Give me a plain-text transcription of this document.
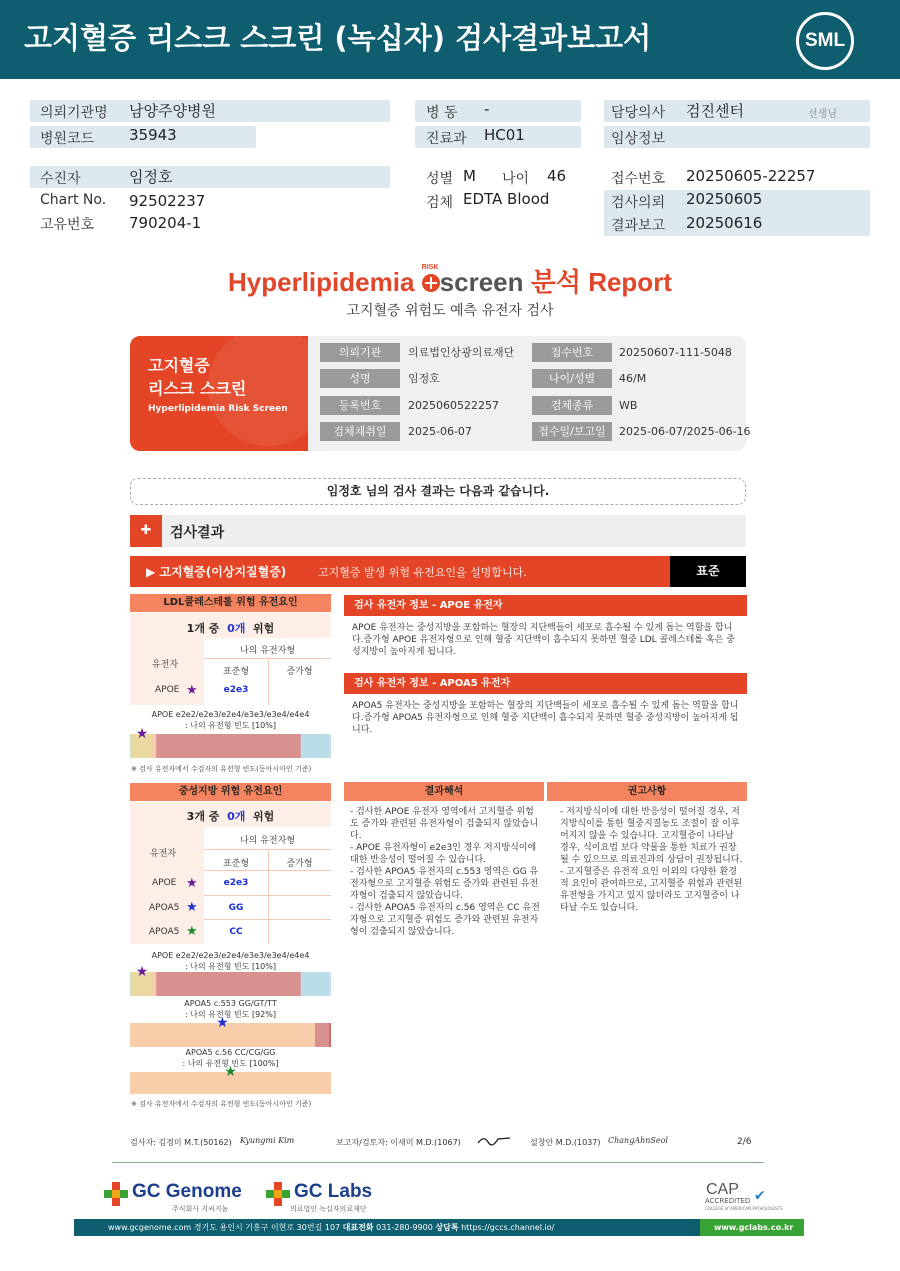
고지혈증 리스크 스크린 (녹십자) 검사결과보고서	SML
의뢰기관명 남양주양병원
병원코드 35943
병 동 -
진료과 HC01
담당의사 검진센터	선생님
임상정보
수진자	임정호
Chart No. 92502237
고유번호 790204-1
성별 M 나이 46
검체 EDTA Blood
접수번호 20250605-22257
검사의뢰 20250605
결과보고 20250616
Hyperlipidemia RISK screen 분석 Report
고지혈증 위험도 예측 유전자 검사
고지혈증
리스크 스크린
Hyperlipidemia Risk Screen
의뢰기관	의료법인상광의료재단	접수번호	20250607-111-5048
성명	임정호	나이/성별	46/M
등록번호	2025060522257	검체종류	WB
검체채취일	2025-06-07	접수일/보고일	2025-06-07/2025-06-16
임정호 님의 검사 결과는 다음과 같습니다.
✚	검사결과
▶ 고지혈증(이상지질혈증)	고지혈증 발생 위험 유전요인을 설명합니다.	표준
LDL콜레스테롤 위험 유전요인
1개 중 0개 위험
나의 유전자형
유전자
표준형	증가형
APOE ★	e2e3
APOE e2e2/e2e3/e2e4/e3e3/e3e4/e4e4
: 나의 유전형 빈도 [10%]
★
※ 검사 유전자에서 수검자의 유전형 빈도(동아시아인 기준)
중성지방 위험 유전요인
3개 중 0개 위험
나의 유전자형
유전자
표준형	증가형
APOE ★	e2e3
APOA5 ★	GG
APOA5 ★	CC
APOE e2e2/e2e3/e2e4/e3e3/e3e4/e4e4
: 나의 유전형 빈도 [10%]
★
APOA5 c.553 GG/GT/TT
: 나의 유전형 빈도 [92%]
★
APOA5 c.56 CC/CG/GG
: 나의 유전형 빈도 [100%]
★
※ 검사 유전자에서 수검자의 유전형 빈도(동아시아인 기준)
검사 유전자 정보 - APOE 유전자
APOE 유전자는 중성지방을 포함하는 혈장의 지단백들이 세포로 흡수될 수 있게 돕는 역할을 합니다.증가형 APOE 유전자형으로 인해 혈중 지단백이 흡수되지 못하면 혈중 LDL 콜레스테롤 혹은 중성지방이 높아지게 됩니다.
검사 유전자 정보 - APOA5 유전자
APOA5 유전자는 중성지방을 포함하는 혈장의 지단백들이 세포로 흡수될 수 있게 돕는 역할을 합니다.증가형 APOA5 유전자형으로 인해 혈중 지단백이 흡수되지 못하면 혈중 중성지방이 높아지게 됩니다.
결과해석
- 검사한 APOE 유전자 영역에서 고지혈증 위험도 증가와 관련된 유전자형이 검출되지 않았습니다.
- APOE 유전자형이 e2e3인 경우 저지방식이에 대한 반응성이 떨어질 수 있습니다.
- 검사한 APOA5 유전자의 c.553 영역은 GG 유전자형으로 고지혈증 위험도 증가와 관련된 유전자형이 검출되지 않았습니다.
- 검사한 APOA5 유전자의 c.56 영역은 CC 유전자형으로 고지혈증 위험도 증가와 관련된 유전자형이 검출되지 않았습니다.
권고사항
- 저지방식이에 대한 반응성이 떨어질 경우, 저지방식이를 통한 혈중지질농도 조절이 잘 이루어지지 않을 수 있습니다. 고지혈증이 나타날 경우, 식이요법 보다 약물을 통한 치료가 권장될 수 있으므로 의료진과의 상담이 권장됩니다.
- 고지혈증은 유전적 요인 이외의 다양한 환경적 요인이 관여하므로, 고지혈증 위험과 관련된 유전형을 가지고 있지 않더라도 고지혈증이 나타날 수도 있습니다.
검사자: 김경미 M.T.(50162) Kyungmi Kim	보고자/검토자: 이새미 M.D.(1067)	설창안 M.D.(1037) ChangAhnSeol	2/6
GC Genome
주식회사 지씨지놈
GC Labs
의료법인 녹십자의료재단
CAP
ACCREDITED
COLLEGE of AMERICAN PATHOLOGISTS
✔
www.gcgenome.com 경기도 용인시 기흥구 이현로 30번길 107 대표전화 031-280-9900 상담톡 https://gccs.channel.io/	www.gclabs.co.kr
